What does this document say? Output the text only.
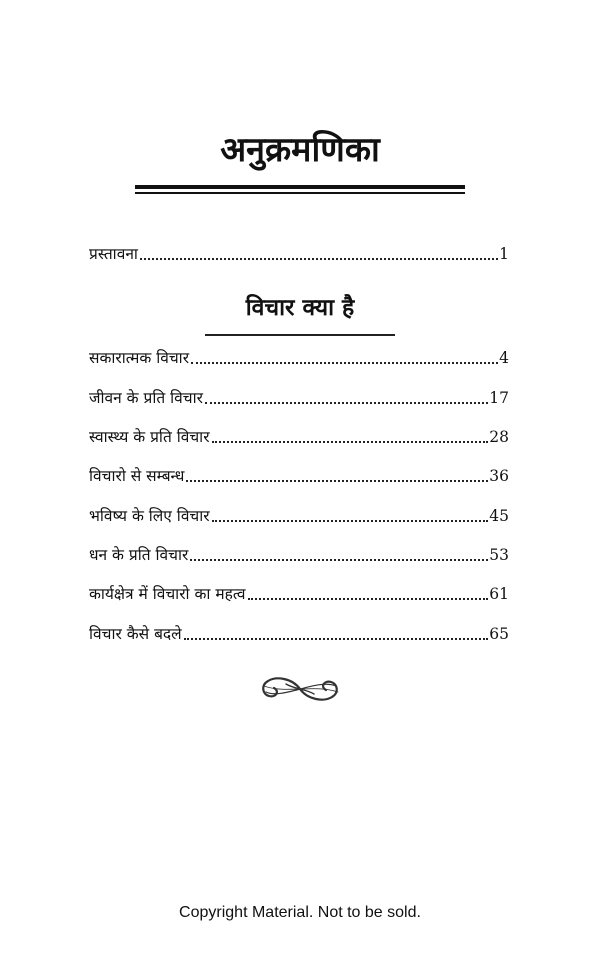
अनुक्रमणिका
प्रस्तावना	1
विचार क्या है
सकारात्मक विचार	4
जीवन के प्रति विचार	17
स्वास्थ्य के प्रति विचार	28
विचारो से सम्बन्ध	36
भविष्य के लिए विचार	45
धन के प्रति विचार	53
कार्यक्षेत्र में विचारो का महत्व	61
विचार कैसे बदले	65
Copyright Material. Not to be sold.
